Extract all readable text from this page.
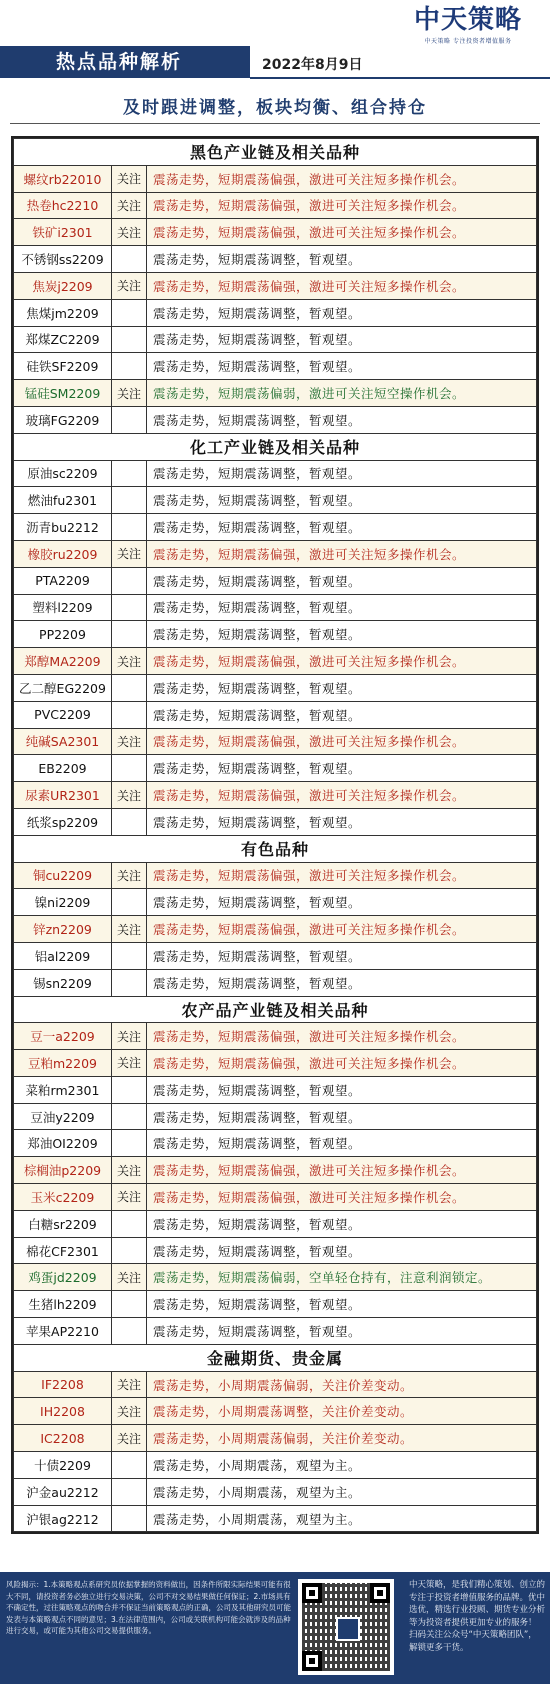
中天策略
中天策略 专注投资者增值服务
热点品种解析	2022年8月9日
及时跟进调整，板块均衡、组合持仓
黑色产业链及相关品种		
螺纹rb22010	关注	震荡走势，短期震荡偏强，激进可关注短多操作机会。
热卷hc2210	关注	震荡走势，短期震荡偏强，激进可关注短多操作机会。
铁矿i2301	关注	震荡走势，短期震荡偏强，激进可关注短多操作机会。
不锈钢ss2209		震荡走势，短期震荡调整，暂观望。
焦炭j2209	关注	震荡走势，短期震荡偏强，激进可关注短多操作机会。
焦煤jm2209		震荡走势，短期震荡调整，暂观望。
郑煤ZC2209		震荡走势，短期震荡调整，暂观望。
硅铁SF2209		震荡走势，短期震荡调整，暂观望。
锰硅SM2209	关注	震荡走势，短期震荡偏弱，激进可关注短空操作机会。
玻璃FG2209		震荡走势，短期震荡调整，暂观望。
化工产业链及相关品种		
原油sc2209		震荡走势，短期震荡调整，暂观望。
燃油fu2301		震荡走势，短期震荡调整，暂观望。
沥青bu2212		震荡走势，短期震荡调整，暂观望。
橡胶ru2209	关注	震荡走势，短期震荡偏强，激进可关注短多操作机会。
PTA2209		震荡走势，短期震荡调整，暂观望。
塑料l2209		震荡走势，短期震荡调整，暂观望。
PP2209		震荡走势，短期震荡调整，暂观望。
郑醇MA2209	关注	震荡走势，短期震荡偏强，激进可关注短多操作机会。
乙二醇EG2209		震荡走势，短期震荡调整，暂观望。
PVC2209		震荡走势，短期震荡调整，暂观望。
纯碱SA2301	关注	震荡走势，短期震荡偏强，激进可关注短多操作机会。
EB2209		震荡走势，短期震荡调整，暂观望。
尿素UR2301	关注	震荡走势，短期震荡偏强，激进可关注短多操作机会。
纸浆sp2209		震荡走势，短期震荡调整，暂观望。
有色品种		
铜cu2209	关注	震荡走势，短期震荡偏强，激进可关注短多操作机会。
镍ni2209		震荡走势，短期震荡调整，暂观望。
锌zn2209	关注	震荡走势，短期震荡偏强，激进可关注短多操作机会。
铝al2209		震荡走势，短期震荡调整，暂观望。
锡sn2209		震荡走势，短期震荡调整，暂观望。
农产品产业链及相关品种		
豆一a2209	关注	震荡走势，短期震荡偏强，激进可关注短多操作机会。
豆粕m2209	关注	震荡走势，短期震荡偏强，激进可关注短多操作机会。
菜粕rm2301		震荡走势，短期震荡调整，暂观望。
豆油y2209		震荡走势，短期震荡调整，暂观望。
郑油OI2209		震荡走势，短期震荡调整，暂观望。
棕榈油p2209	关注	震荡走势，短期震荡偏强，激进可关注短多操作机会。
玉米c2209	关注	震荡走势，短期震荡偏强，激进可关注短多操作机会。
白糖sr2209		震荡走势，短期震荡调整，暂观望。
棉花CF2301		震荡走势，短期震荡调整，暂观望。
鸡蛋jd2209	关注	震荡走势，短期震荡偏弱，空单轻仓持有，注意利润锁定。
生猪lh2209		震荡走势，短期震荡调整，暂观望。
苹果AP2210		震荡走势，短期震荡调整，暂观望。
金融期货、贵金属		
IF2208	关注	震荡走势，小周期震荡偏弱，关注价差变动。
IH2208	关注	震荡走势，小周期震荡调整，关注价差变动。
IC2208	关注	震荡走势，小周期震荡偏弱，关注价差变动。
十债2209		震荡走势，小周期震荡，观望为主。
沪金au2212		震荡走势，小周期震荡，观望为主。
沪银ag2212		震荡走势，小周期震荡，观望为主。
风险揭示：1.本策略观点系研究员依据掌握的资料做出，因条件所限实际结果可能有很大不同，请投资者务必独立进行交易决策，公司不对交易结果做任何保证；2.市场具有不确定性，过往策略观点的吻合并不保证当前策略观点的正确，公司及其他研究员可能发表与本策略观点不同的意见；3.在法律范围内，公司或关联机构可能会就涉及的品种进行交易，或可能为其他公司交易提供服务。
中天策略，是我们精心策划、创立的专注于投资者增值服务的品牌。优中选优，精选行业投顾、期货专业分析等为投资者提供更加专业的服务！
扫码关注公众号“中天策略团队”，解锁更多干货。
